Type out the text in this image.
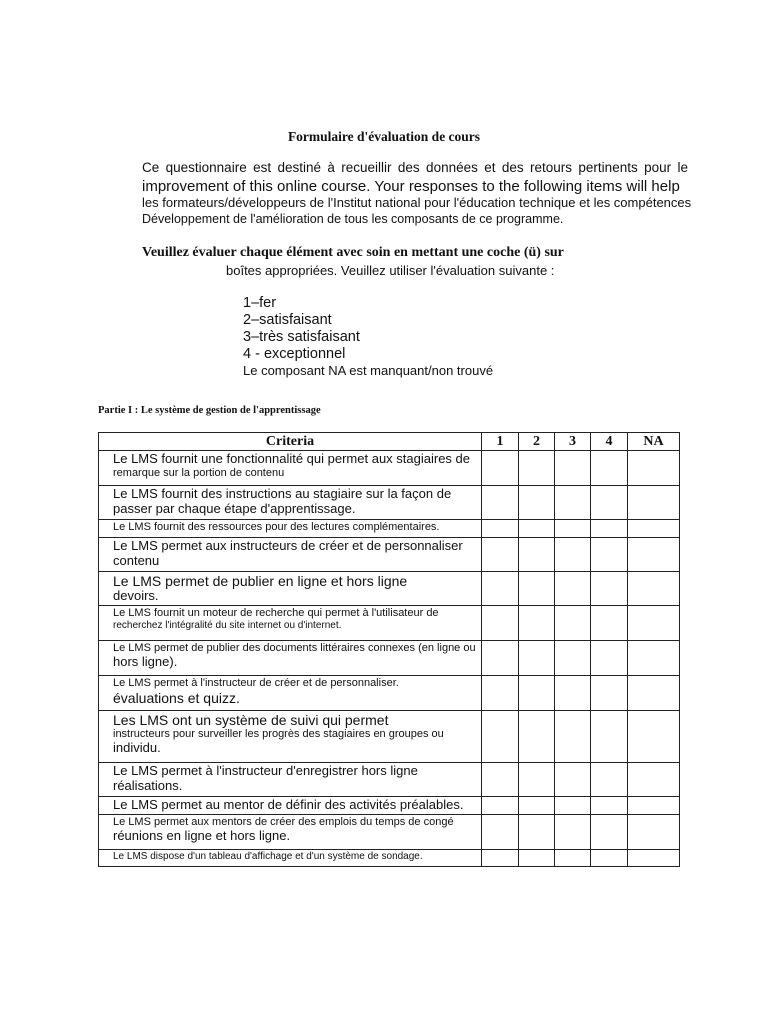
Formulaire d'évaluation de cours
Ce questionnaire est destiné à recueillir des données et des retours pertinents pour le
improvement of this online course. Your responses to the following items will help
les formateurs/développeurs de l'Institut national pour l'éducation technique et les compétences
Développement de l'amélioration de tous les composants de ce programme.
Veuillez évaluer chaque élément avec soin en mettant une coche (ü) sur
boîtes appropriées. Veuillez utiliser l'évaluation suivante :
1–fer
2–satisfaisant
3–très satisfaisant
4 - exceptionnel
Le composant NA est manquant/non trouvé
Partie I : Le système de gestion de l'apprentissage
Criteria	1	2	3	4	NA

Le LMS fournit une fonctionnalité qui permet aux stagiaires de
remarque sur la portion de contenu					

Le LMS fournit des instructions au stagiaire sur la façon de
passer par chaque étape d'apprentissage.					

Le LMS fournit des ressources pour des lectures complémentaires.					

Le LMS permet aux instructeurs de créer et de personnaliser
contenu					

Le LMS permet de publier en ligne et hors ligne
devoirs.					

Le LMS fournit un moteur de recherche qui permet à l'utilisateur de
recherchez l'intégralité du site internet ou d'internet.					

Le LMS permet de publier des documents littéraires connexes (en ligne ou
hors ligne).					

Le LMS permet à l'instructeur de créer et de personnaliser.
évaluations et quizz.					

Les LMS ont un système de suivi qui permet
instructeurs pour surveiller les progrès des stagiaires en groupes ou
individu.					

Le LMS permet à l'instructeur d'enregistrer hors ligne
réalisations.					

Le LMS permet au mentor de définir des activités préalables.					

Le LMS permet aux mentors de créer des emplois du temps de congé
réunions en ligne et hors ligne.					

Le LMS dispose d'un tableau d'affichage et d'un système de sondage.					
